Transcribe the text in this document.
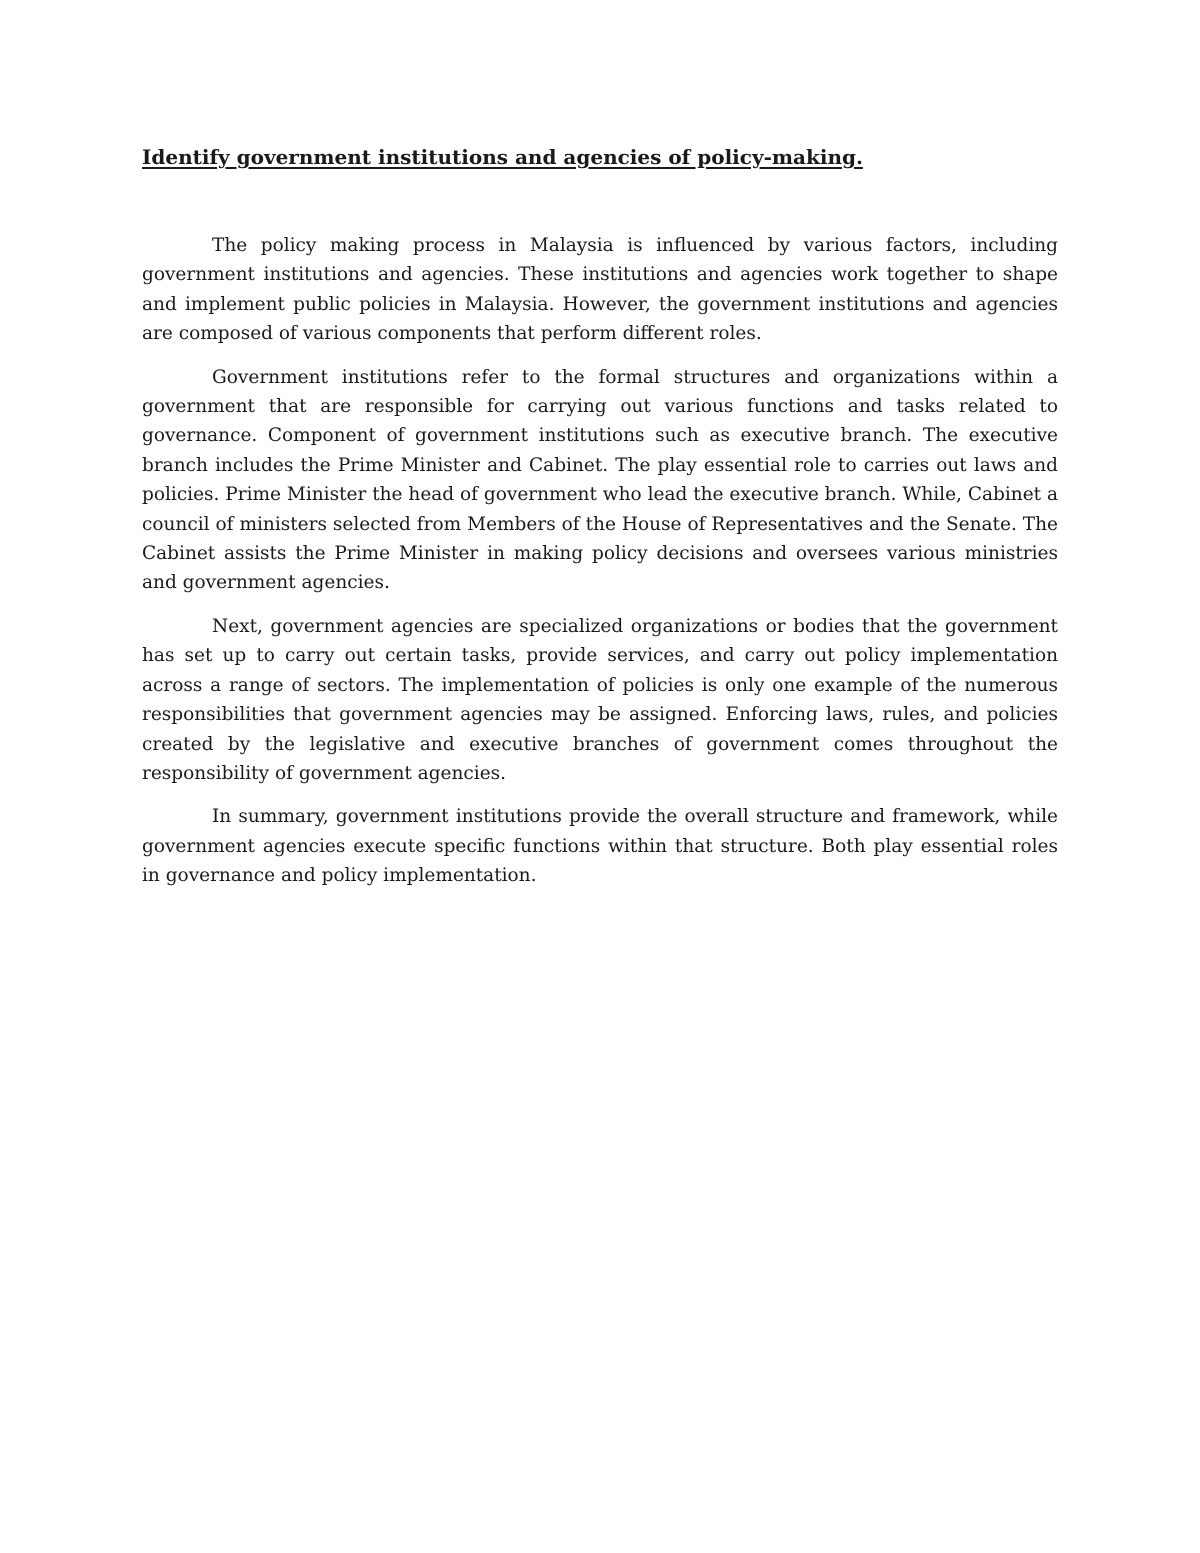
Identify government institutions and agencies of policy-making.

The policy making process in Malaysia is influenced by various factors, including government institutions and agencies. These institutions and agencies work together to shape and implement public policies in Malaysia. However, the government institutions and agencies are composed of various components that perform different roles.

Government institutions refer to the formal structures and organizations within a government that are responsible for carrying out various functions and tasks related to governance. Component of government institutions such as executive branch. The executive branch includes the Prime Minister and Cabinet. The play essential role to carries out laws and policies. Prime Minister the head of government who lead the executive branch. While, Cabinet a council of ministers selected from Members of the House of Representatives and the Senate. The Cabinet assists the Prime Minister in making policy decisions and oversees various ministries and government agencies.

Next, government agencies are specialized organizations or bodies that the government has set up to carry out certain tasks, provide services, and carry out policy implementation across a range of sectors. The implementation of policies is only one example of the numerous responsibilities that government agencies may be assigned. Enforcing laws, rules, and policies created by the legislative and executive branches of government comes throughout the responsibility of government agencies.

In summary, government institutions provide the overall structure and framework, while government agencies execute specific functions within that structure. Both play essential roles in governance and policy implementation.
